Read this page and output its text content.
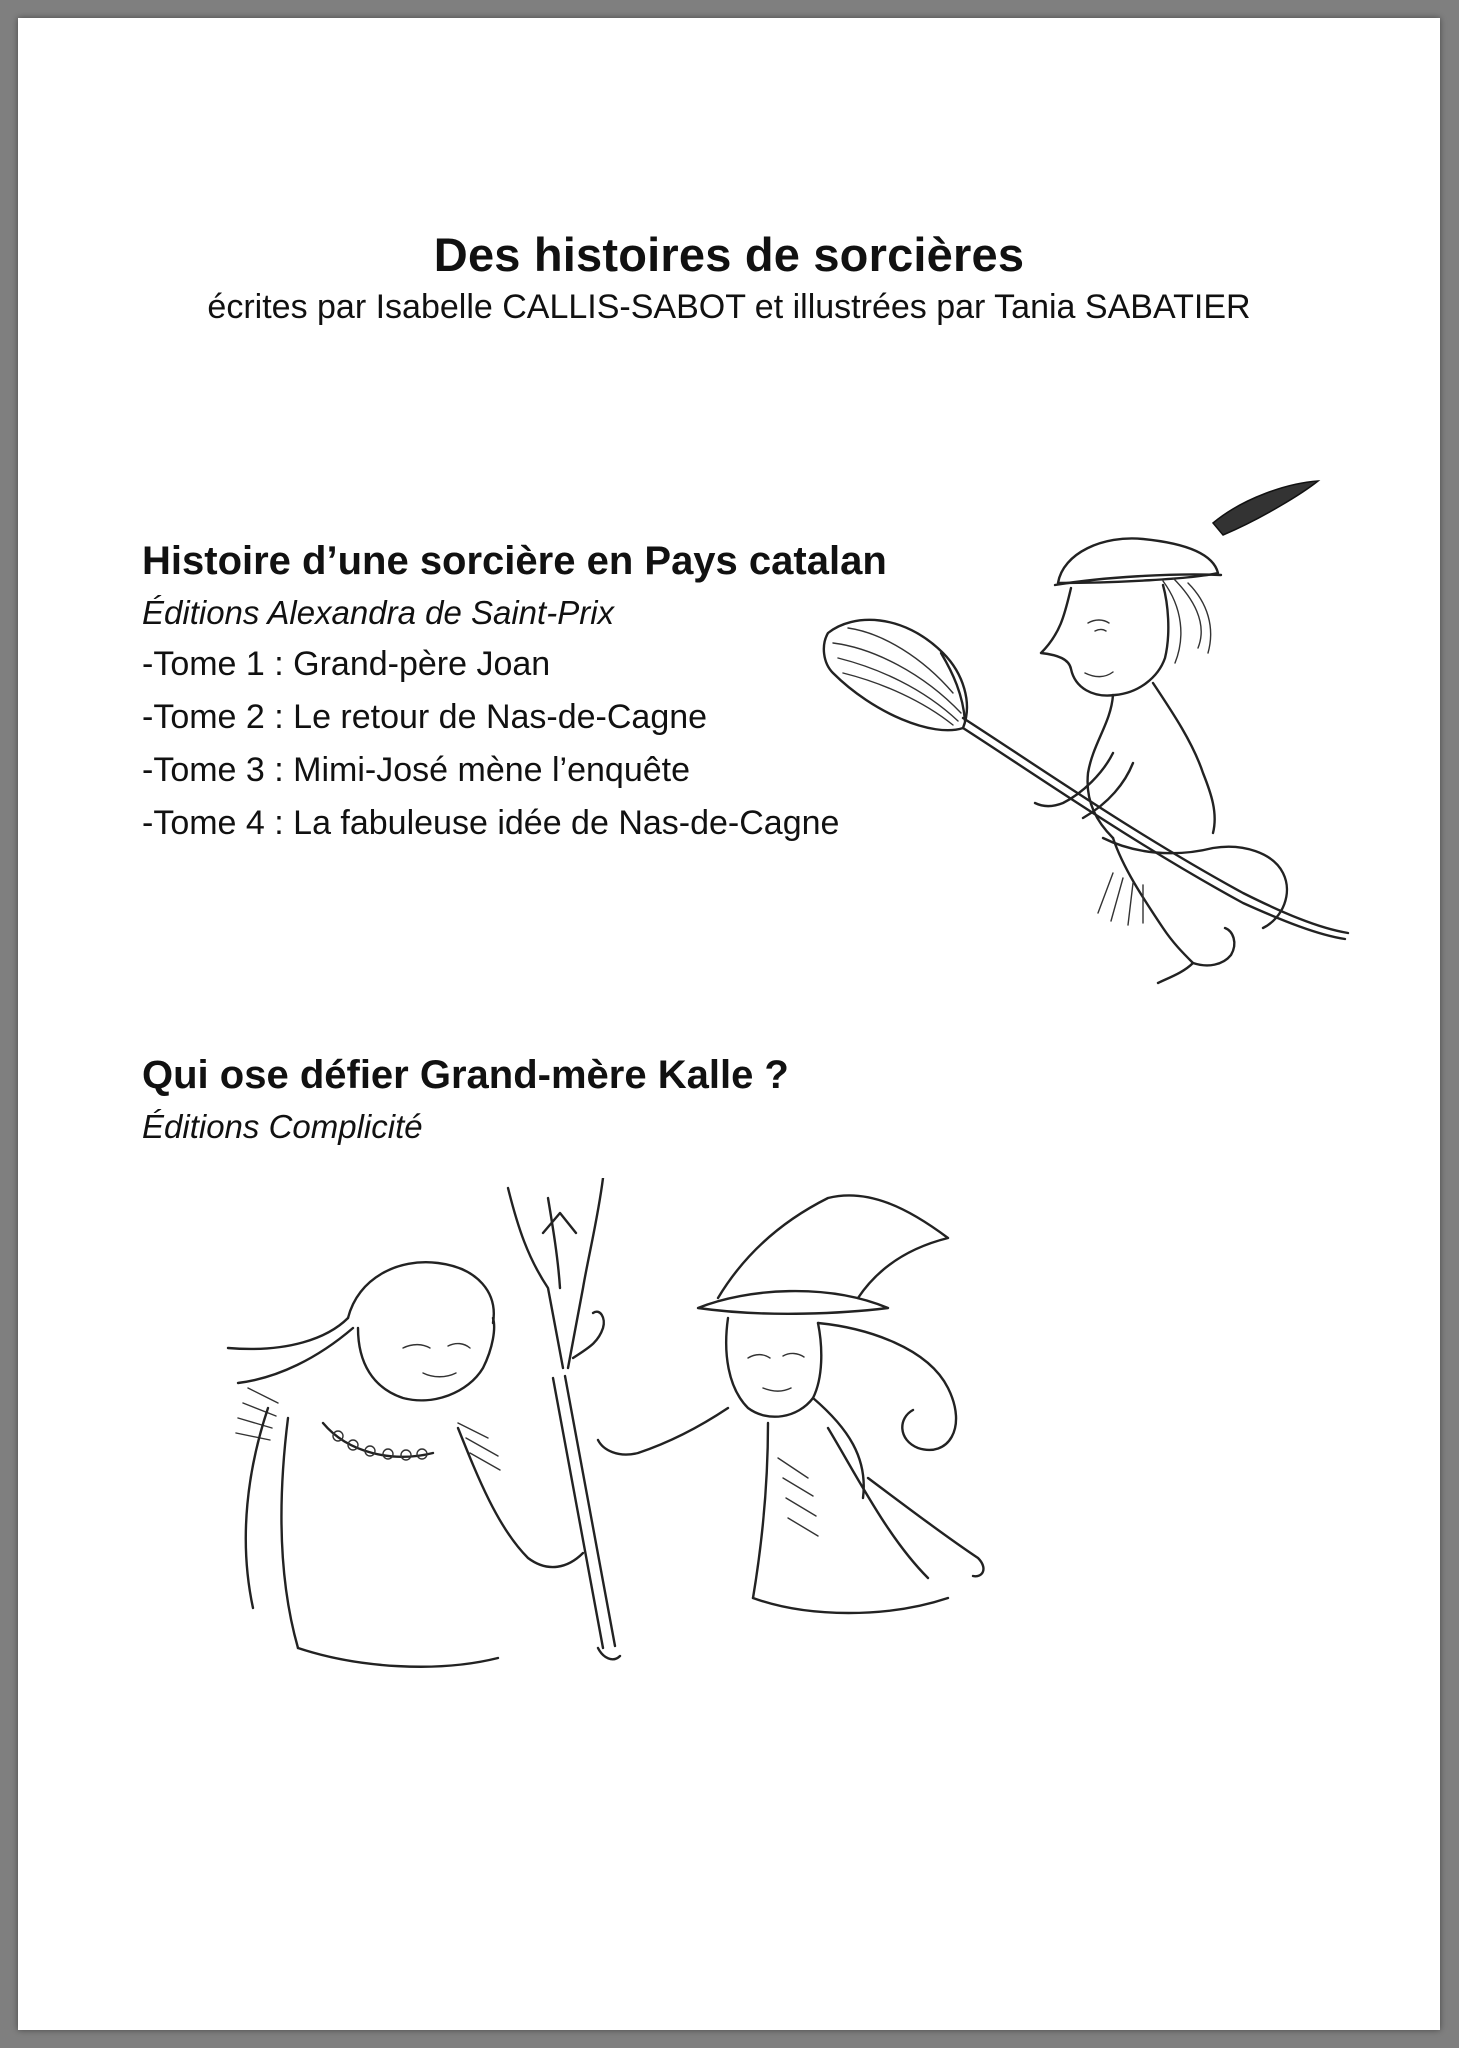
Des histoires de sorcières

écrites par Isabelle CALLIS-SABOT et illustrées par Tania SABATIER

Histoire d’une sorcière en Pays catalan

Éditions Alexandra de Saint-Prix

-Tome 1 : Grand-père Joan
-Tome 2 : Le retour de Nas-de-Cagne
-Tome 3 : Mimi-José mène l’enquête
-Tome 4 : La fabuleuse idée de Nas-de-Cagne
Qui ose défier Grand-mère Kalle ?

Éditions Complicité
